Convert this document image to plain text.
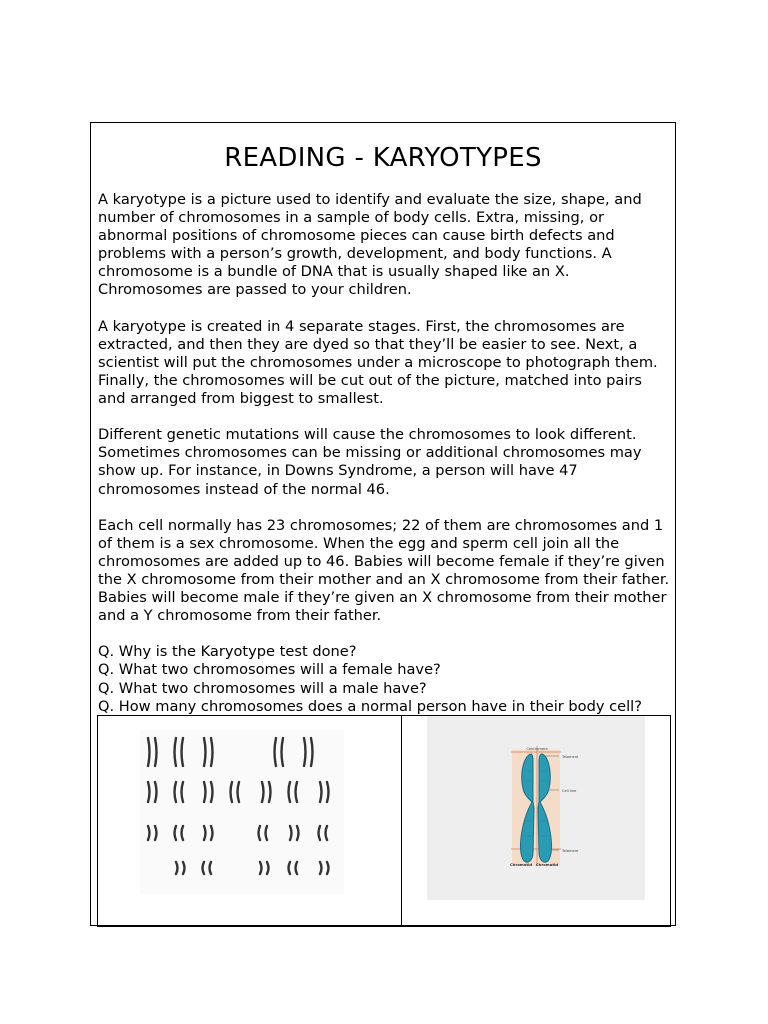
READING - KARYOTYPES

A karyotype is a picture used to identify and evaluate the size, shape, and number of chromosomes in a sample of body cells. Extra, missing, or abnormal positions of chromosome pieces can cause birth defects and problems with a person’s growth, development, and body functions. A chromosome is a bundle of DNA that is usually shaped like an X. Chromosomes are passed to your children.

A karyotype is created in 4 separate stages. First, the chromosomes are extracted, and then they are dyed so that they’ll be easier to see. Next, a scientist will put the chromosomes under a microscope to photograph them. Finally, the chromosomes will be cut out of the picture, matched into pairs and arranged from biggest to smallest.

Different genetic mutations will cause the chromosomes to look different. Sometimes chromosomes can be missing or additional chromosomes may show up. For instance, in Downs Syndrome, a person will have 47 chromosomes instead of the normal 46.

Each cell normally has 23 chromosomes; 22 of them are chromosomes and 1 of them is a sex chromosome. When the egg and sperm cell join all the chromosomes are added up to 46. Babies will become female if they’re given the X chromosome from their mother and an X chromosome from their father. Babies will become male if they’re given an X chromosome from their mother and a Y chromosome from their father.

Q. Why is the Karyotype test done?
Q. What two chromosomes will a female have?
Q. What two chromosomes will a male have?
Q. How many chromosomes does a normal person have in their body cell?
Centromere
Telomere
Cell line
Telomere
Chromatid Chromatid
